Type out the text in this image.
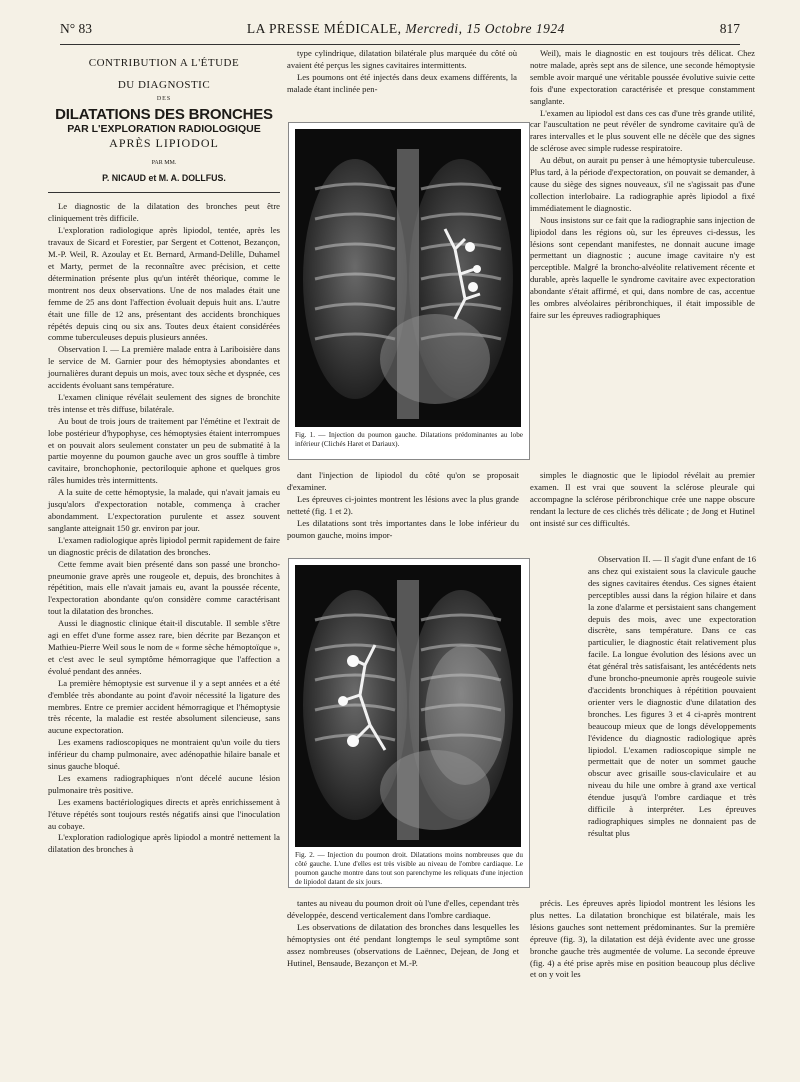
N° 83	LA PRESSE MÉDICALE, Mercredi, 15 Octobre 1924	817
CONTRIBUTION A L'ÉTUDE
DU DIAGNOSTIC
DES
DILATATIONS DES BRONCHES
PAR L'EXPLORATION RADIOLOGIQUE
APRÈS LIPIODOL
PAR MM.
P. NICAUD et M. A. DOLLFUS.

Le diagnostic de la dilatation des bronches peut être cliniquement très difficile.

L'exploration radiologique après lipiodol, tentée, après les travaux de Sicard et Forestier, par Sergent et Cottenot, Bezançon, M.-P. Weil, R. Azoulay et Et. Bernard, Armand-Delille, Duhamel et Marty, permet de la reconnaître avec précision, et cette détermination présente plus qu'un intérêt théorique, comme le montrent nos deux observations. Une de nos malades était une femme de 25 ans dont l'affection évoluait depuis huit ans. L'autre était une fille de 12 ans, présentant des accidents bronchiques répétés depuis cinq ou six ans. Toutes deux étaient considérées comme tuberculeuses depuis plusieurs années.

Observation I. — La première malade entra à Lariboisière dans le service de M. Garnier pour des hémoptysies abondantes et journalières durant depuis un mois, avec toux sèche et dyspnée, ces accidents évoluant sans température.

L'examen clinique révélait seulement des signes de bronchite très intense et très diffuse, bilatérale.

Au bout de trois jours de traitement par l'émétine et l'extrait de lobe postérieur d'hypophyse, ces hémoptysies étaient interrompues et on pouvait alors seulement constater un peu de submatité à la partie moyenne du poumon gauche avec un gros souffle à timbre cavitaire, bronchophonie, pectoriloquie aphone et quelques gros râles humides très intermittents.

A la suite de cette hémoptysie, la malade, qui n'avait jamais eu jusqu'alors d'expectoration notable, commença à cracher abondamment. L'expectoration purulente et assez souvent sanglante atteignait 150 gr. environ par jour.

L'examen radiologique après lipiodol permit rapidement de faire un diagnostic précis de dilatation des bronches.

Cette femme avait bien présenté dans son passé une broncho-pneumonie grave après une rougeole et, depuis, des bronchites à répétition, mais elle n'avait jamais eu, avant la poussée récente, l'expectoration abondante qu'on considère comme caractérisant tout la dilatation des bronches.

Aussi le diagnostic clinique était-il discutable. Il semble s'être agi en effet d'une forme assez rare, bien décrite par Bezançon et Mathieu-Pierre Weil sous le nom de « forme sèche hémoptoïque », et c'est avec le seul symptôme hémorragique que l'affection a évolué pendant des années.

La première hémoptysie est survenue il y a sept années et a été d'emblée très abondante au point d'avoir nécessité la ligature des membres. Entre ce premier accident hémorragique et l'hémoptysie très récente, la maladie est restée absolument silencieuse, sans aucune expectoration.

Les examens radioscopiques ne montraient qu'un voile du tiers inférieur du champ pulmonaire, avec adénopathie hilaire banale et sinus gauche bloqué.

Les examens radiographiques n'ont décelé aucune lésion pulmonaire très positive.

Les examens bactériologiques directs et après enrichissement à l'étuve répétés sont toujours restés négatifs ainsi que l'inoculation au cobaye.

L'exploration radiologique après lipiodol a montré nettement la dilatation des bronches à

type cylindrique, dilatation bilatérale plus marquée du côté où avaient été perçus les signes cavitaires intermittents.

Les poumons ont été injectés dans deux examens différents, la malade étant inclinée pen-

Fig. 1. — Injection du poumon gauche. Dilatations prédominantes au lobe inférieur (Clichés Haret et Dariaux).

dant l'injection de lipiodol du côté qu'on se proposait d'examiner.

Les épreuves ci-jointes montrent les lésions avec la plus grande netteté (fig. 1 et 2).

Les dilatations sont très importantes dans le lobe inférieur du poumon gauche, moins impor-

Weil), mais le diagnostic en est toujours très délicat. Chez notre malade, après sept ans de silence, une seconde hémoptysie semble avoir marqué une véritable poussée évolutive suivie cette fois d'une expectoration caractérisée et presque constamment sanglante.

L'examen au lipiodol est dans ces cas d'une très grande utilité, car l'auscultation ne peut révéler de syndrome cavitaire qu'à de rares intervalles et le plus souvent elle ne décèle que des signes de sclérose avec simple rudesse respiratoire.

Au début, on aurait pu penser à une hémoptysie tuberculeuse. Plus tard, à la période d'expectoration, on pouvait se demander, à cause du siège des signes nouveaux, s'il ne s'agissait pas d'une collection interlobaire. La radiographie après lipiodol a fixé immédiatement le diagnostic.

Nous insistons sur ce fait que la radiographie sans injection de lipiodol dans les régions où, sur les épreuves ci-dessus, les lésions sont cependant manifestes, ne donnait aucune image permettant un diagnostic ; aucune image cavitaire n'y est perceptible. Malgré la broncho-alvéolite relativement récente et durable, après laquelle le syndrome cavitaire avec expectoration abondante s'était affirmé, et qui, dans nombre de cas, accentue les ombres alvéolaires péribronchiques, il était impossible de faire sur les épreuves radiographiques

simples le diagnostic que le lipiodol révélait au premier examen. Il est vrai que souvent la sclérose pleurale qui accompagne la sclérose péribronchique crée une nappe obscure rendant la lecture de ces clichés très délicate ; de Jong et Hutinel ont insisté sur ces difficultés.

Fig. 2. — Injection du poumon droit. Dilatations moins nombreuses que du côté gauche. L'une d'elles est très visible au niveau de l'ombre cardiaque. Le poumon gauche montre dans tout son parenchyme les reliquats d'une injection de lipiodol datant de six jours.

Observation II. — Il s'agit d'une enfant de 16 ans chez qui existaient sous la clavicule gauche des signes cavitaires étendus. Ces signes étaient perceptibles aussi dans la région hilaire et dans la zone d'alarme et persistaient sans changement depuis des mois, avec une expectoration discrète, sans température. Dans ce cas particulier, le diagnostic était relativement plus facile. La longue évolution des lésions avec un état général très satisfaisant, les antécédents nets d'une broncho-pneumonie après rougeole suivie d'accidents bronchiques à répétition pouvaient orienter vers le diagnostic d'une dilatation des bronches. Les figures 3 et 4 ci-après montrent beaucoup mieux que de longs développements l'évidence du diagnostic radiologique après lipiodol. L'examen radioscopique simple ne permettait que de noter un sommet gauche obscur avec grisaille sous-claviculaire et au niveau du hile une ombre à grand axe vertical étendue jusqu'à l'ombre cardiaque et très difficile à interpréter. Les épreuves radiographiques simples ne donnaient pas de résultat plus

tantes au niveau du poumon droit où l'une d'elles, cependant très développée, descend verticalement dans l'ombre cardiaque.

Les observations de dilatation des bronches dans lesquelles les hémoptysies ont été pendant longtemps le seul symptôme sont assez nombreuses (observations de Laënnec, Dejean, de Jong et Hutinel, Bensaude, Bezançon et M.-P.

précis. Les épreuves après lipiodol montrent les lésions les plus nettes. La dilatation bronchique est bilatérale, mais les lésions gauches sont nettement prédominantes. Sur la première épreuve (fig. 3), la dilatation est déjà évidente avec une grosse bronche gauche très augmentée de volume. La seconde épreuve (fig. 4) a été prise après mise en position beaucoup plus déclive et on y voit les
